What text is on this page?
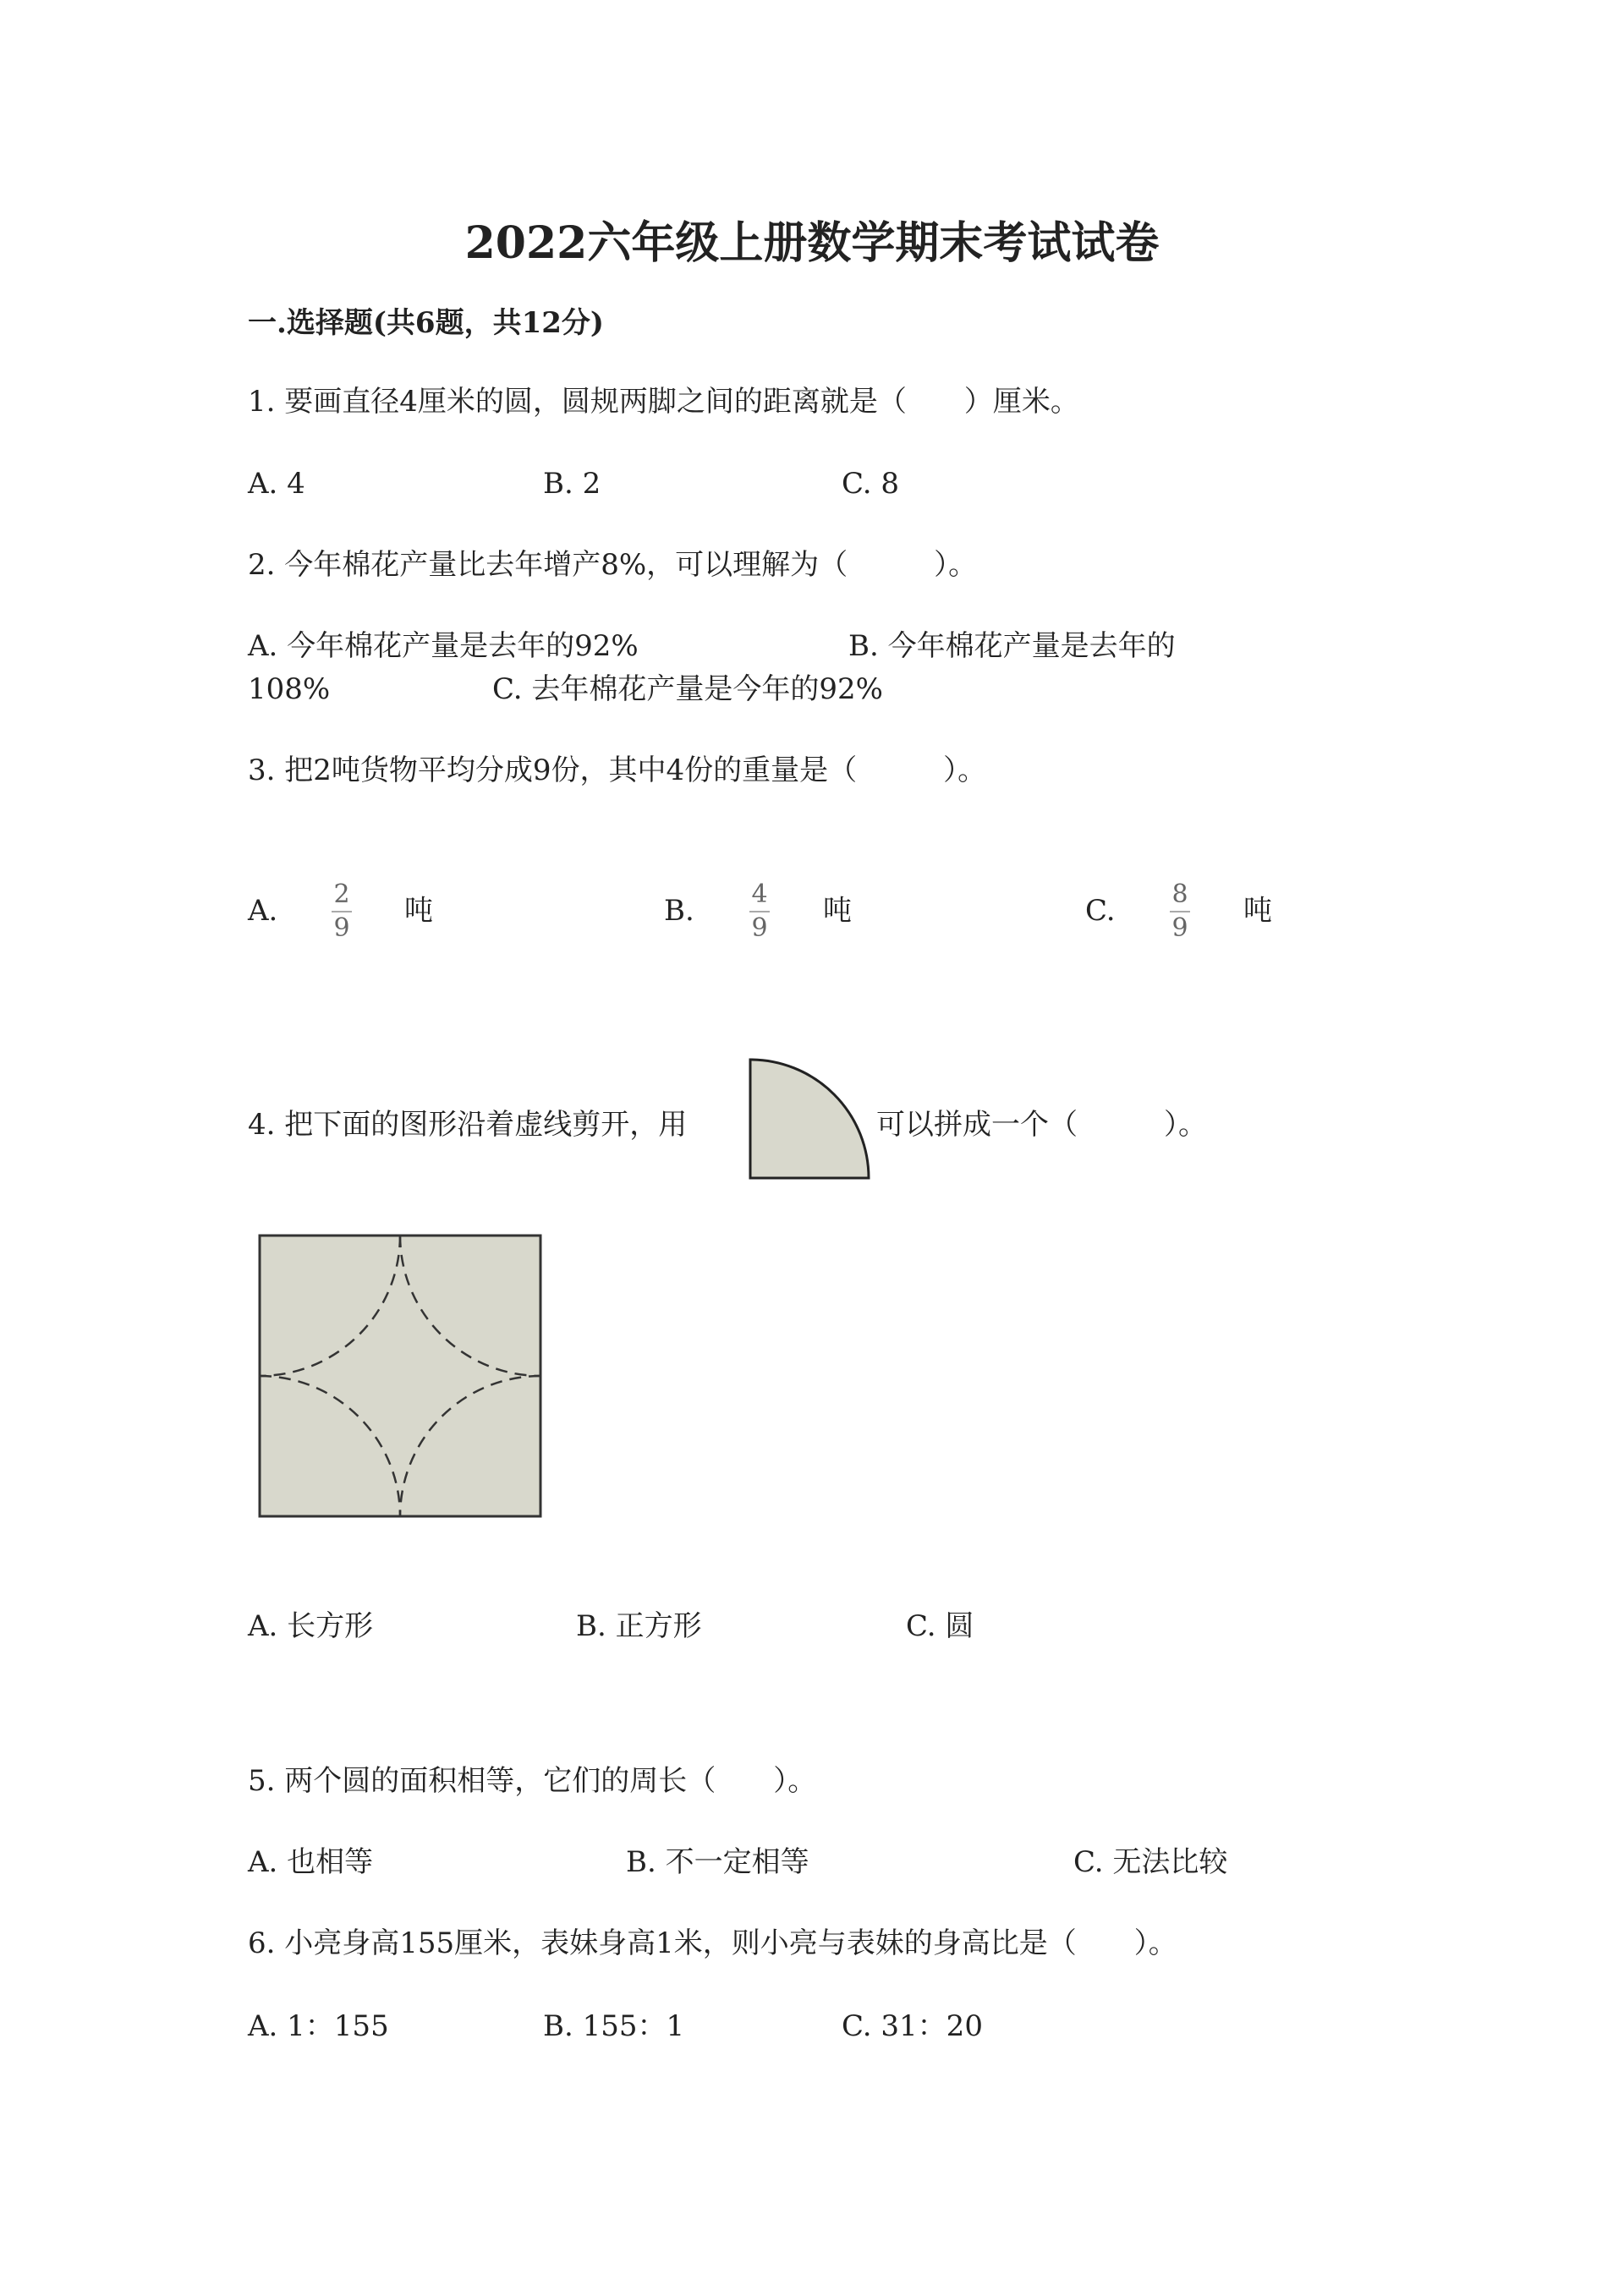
2022六年级上册数学期末考试试卷
一.选择题(共6题，共12分)
1. 要画直径4厘米的圆，圆规两脚之间的距离就是（　　）厘米。
A. 4	B. 2	C. 8
2. 今年棉花产量比去年增产8%，可以理解为（　　　）。
A. 今年棉花产量是去年的92%	B. 今年棉花产量是去年的
108%	C. 去年棉花产量是今年的92%
3. 把2吨货物平均分成9份，其中4份的重量是（　　　）。
A. 2
9 吨	B. 4
9 吨	C. 8
9 吨
4. 把下面的图形沿着虚线剪开，用	可以拼成一个（　　　）。
A. 长方形	B. 正方形	C. 圆
5. 两个圆的面积相等，它们的周长（　　）。
A. 也相等	B. 不一定相等	C. 无法比较
6. 小亮身高155厘米，表妹身高1米，则小亮与表妹的身高比是（　　）。
A. 1：155	B. 155：1	C. 31：20
